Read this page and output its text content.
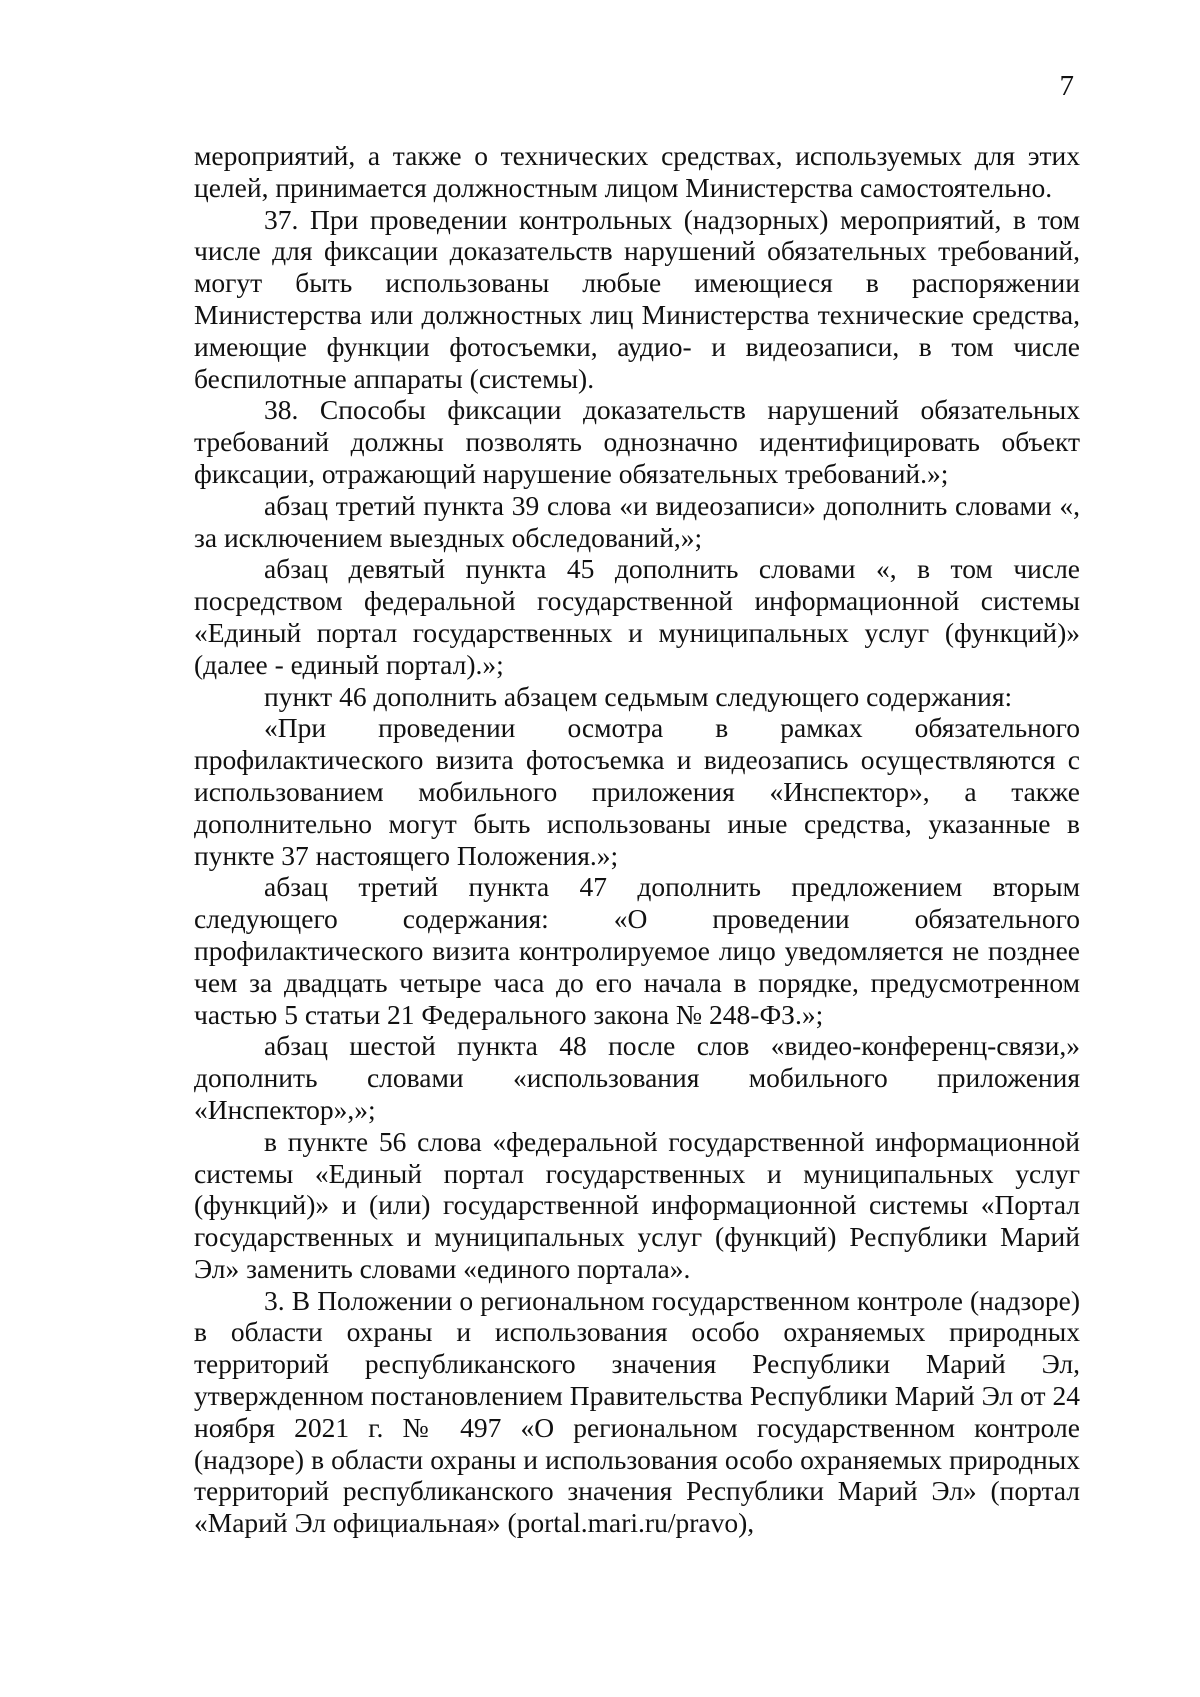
7

мероприятий, а также о технических средствах, используемых для этих целей, принимается должностным лицом Министерства самостоятельно.

37. При проведении контрольных (надзорных) мероприятий, в том числе для фиксации доказательств нарушений обязательных требований, могут быть использованы любые имеющиеся в распоряжении Министерства или должностных лиц Министерства технические средства, имеющие функции фотосъемки, аудио- и видеозаписи, в том числе беспилотные аппараты (системы).

38. Способы фиксации доказательств нарушений обязательных требований должны позволять однозначно идентифицировать объект фиксации, отражающий нарушение обязательных требований.»;

абзац третий пункта 39 слова «и видеозаписи» дополнить словами «, за исключением выездных обследований,»;

абзац девятый пункта 45 дополнить словами «, в том числе посредством федеральной государственной информационной системы «Единый портал государственных и муниципальных услуг (функций)» (далее - единый портал).»;

пункт 46 дополнить абзацем седьмым следующего содержания:

«При проведении осмотра в рамках обязательного профилактического визита фотосъемка и видеозапись осуществляются с использованием мобильного приложения «Инспектор», а также дополнительно могут быть использованы иные средства, указанные в пункте 37 настоящего Положения.»;

абзац третий пункта 47 дополнить предложением вторым следующего содержания: «О проведении обязательного профилактического визита контролируемое лицо уведомляется не позднее чем за двадцать четыре часа до его начала в порядке, предусмотренном частью 5 статьи 21 Федерального закона № 248-ФЗ.»;

абзац шестой пункта 48 после слов «видео-конференц-связи,» дополнить словами «использования мобильного приложения «Инспектор»,»;

в пункте 56 слова «федеральной государственной информационной системы «Единый портал государственных и муниципальных услуг (функций)» и (или) государственной информационной системы «Портал государственных и муниципальных услуг (функций) Республики Марий Эл» заменить словами «единого портала».

3. В Положении о региональном государственном контроле (надзоре) в области охраны и использования особо охраняемых природных территорий республиканского значения Республики Марий Эл, утвержденном постановлением Правительства Республики Марий Эл от 24 ноября 2021 г. № 497 «О региональном государственном контроле (надзоре) в области охраны и использования особо охраняемых природных территорий республиканского значения Республики Марий Эл» (портал «Марий Эл официальная» (portal.mari.ru/pravo),
